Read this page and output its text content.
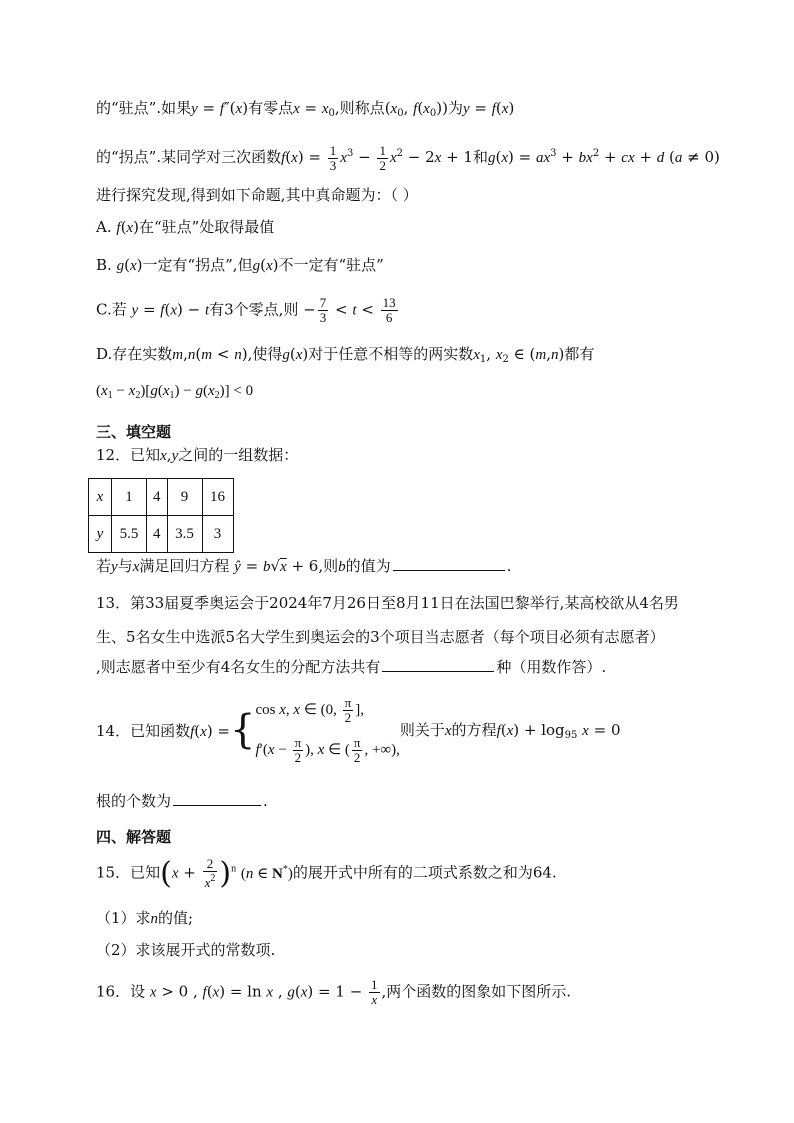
的“驻点”.如果y = f″(x)有零点$x = x_0$,则称点($x_0$, $f(x_0)$)为y = f(x)
的“拐点”.某同学对三次函数$f(x) = \frac{1}{3} x^3 - \frac{1}{2} x^2 - 2x + 1$和$g(x) = ax^3 + bx^2$ + cx + d (a ≠ 0)
进行探究发现,得到如下命题,其中真命题为：（ ）
A. f(x)在“驻点”处取得最值
B. g(x)一定有“拐点”,但g(x)不一定有“驻点”
C.若 y = f(x) − t有3个零点,则 − $\frac{7}{3} < t < \frac{13}{6}$
D.存在实数m,n(m < n),使得g(x)对于任意不相等的两实数$x_1$, $x_2$ ∈ (m,n)都有
$(x_1 - x_2)[g(x_1) - g(x_2)] < 0$
三、填空题
12．已知x,y之间的一组数据：
x	1	4	9	16
y	5.5	4	3.5	3
若y与x满足回归方程 ŷ = b√x + 6,则b的值为	.
13．第33届夏季奥运会于2024年7月26日至8月11日在法国巴黎举行,某高校欲从4名男
生、5名女生中选派5名大学生到奥运会的3个项目当志愿者（每个项目必须有志愿者）
,则志愿者中至少有4名女生的分配方法共有	种（用数作答）.
14．已知函数f(x) ={ cos x, x ∈ (0, $\frac{\pi}{2}$ ],
$f'(x - \frac{\pi}{2}$ ), x ∈ ( $\frac{\pi}{2}$ , +∞),
则关于x的方程$f(x) + \log_{95} x = 0$
根的个数为	.
四、解答题
15．已知$(x + \frac{2}{x^2} )^n$ (n ∈ N*)的展开式中所有的二项式系数之和为64.
（1）求n的值;
（2）求该展开式的常数项.
16．设 x > 0 , f(x) = ln x , $g(x) = 1 - \frac{1}{x}$ ,两个函数的图象如下图所示.
